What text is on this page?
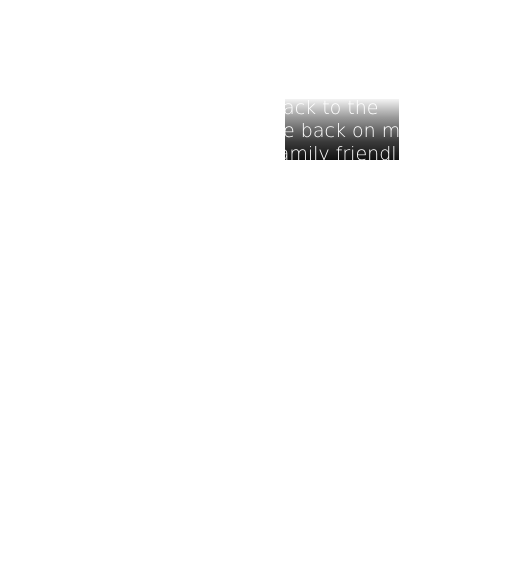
back to the
be back on ma
family friendl
